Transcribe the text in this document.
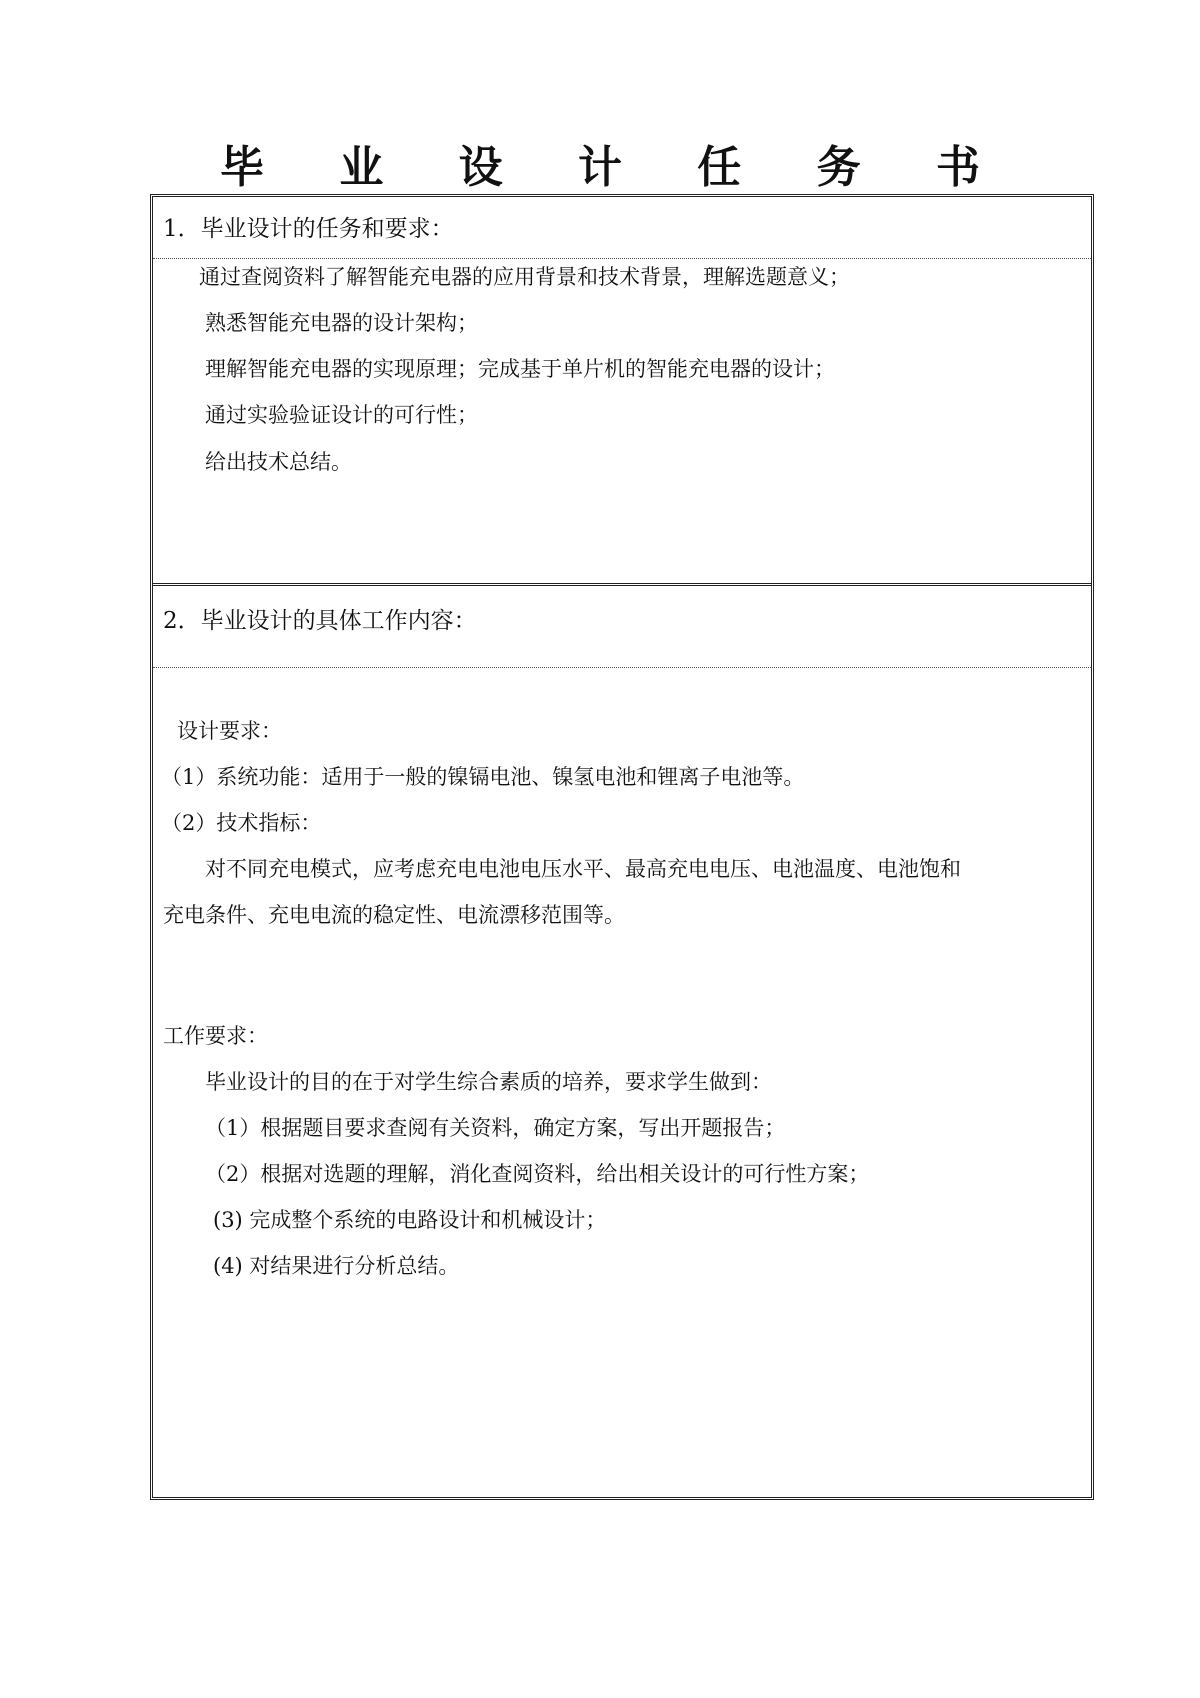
毕 业 设 计 任 务 书
1．毕业设计的任务和要求：
通过查阅资料了解智能充电器的应用背景和技术背景，理解选题意义；
熟悉智能充电器的设计架构；
理解智能充电器的实现原理；完成基于单片机的智能充电器的设计；
通过实验验证设计的可行性；
给出技术总结。
2．毕业设计的具体工作内容：
设计要求：
（1）系统功能：适用于一般的镍镉电池、镍氢电池和锂离子电池等。
（2）技术指标：
对不同充电模式，应考虑充电电池电压水平、最高充电电压、电池温度、电池饱和
充电条件、充电电流的稳定性、电流漂移范围等。
工作要求：
毕业设计的目的在于对学生综合素质的培养，要求学生做到：
（1）根据题目要求查阅有关资料，确定方案，写出开题报告；
（2）根据对选题的理解，消化查阅资料，给出相关设计的可行性方案；
(3) 完成整个系统的电路设计和机械设计；
(4) 对结果进行分析总结。
